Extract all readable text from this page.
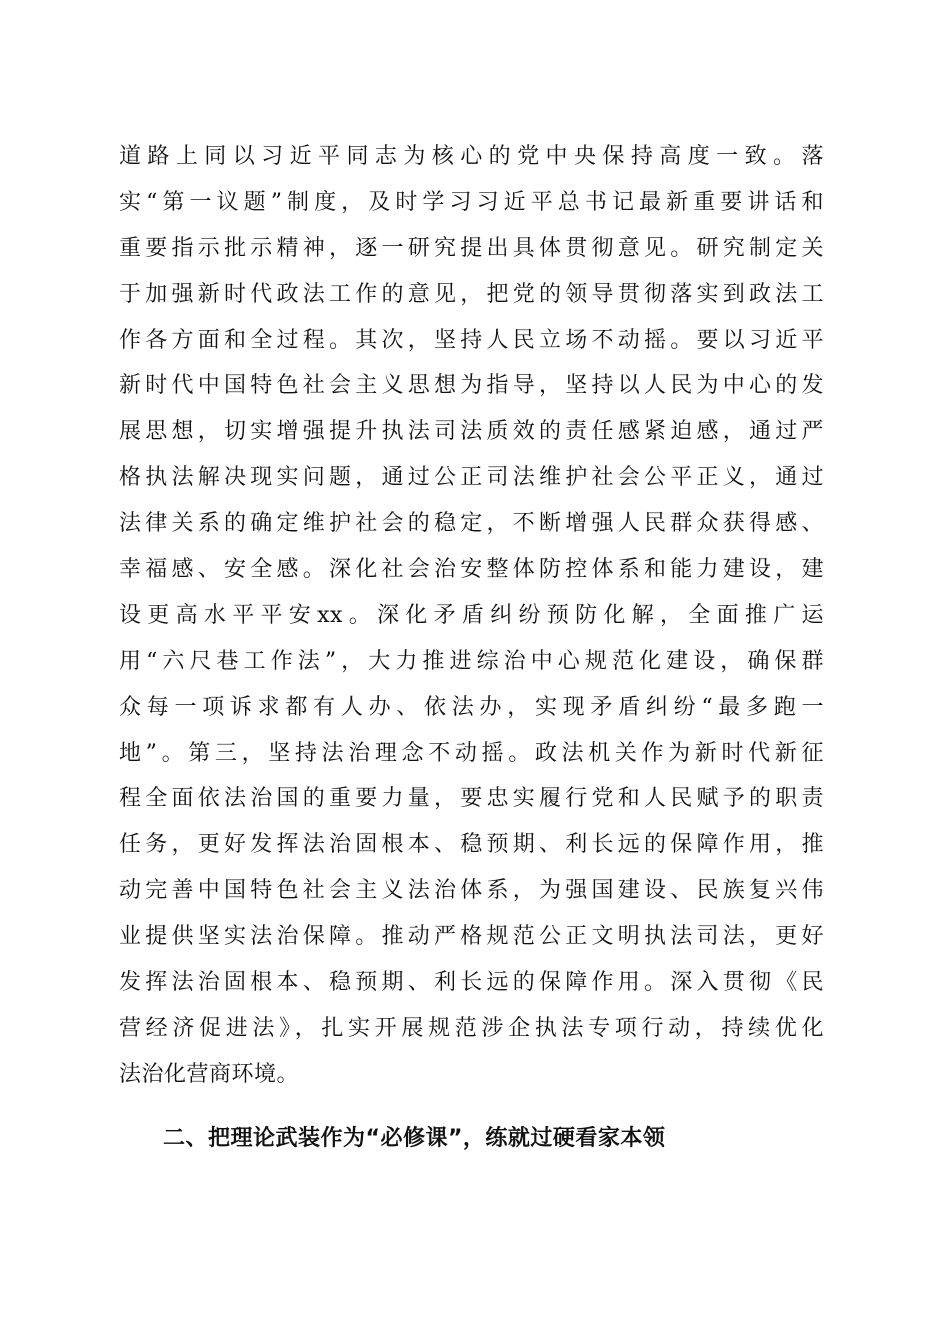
道路上同以习近平同志为核心的党中央保持高度一致。落
实“第一议题”制度，及时学习习近平总书记最新重要讲话和
重要指示批示精神，逐一研究提出具体贯彻意见。研究制定关
于加强新时代政法工作的意见，把党的领导贯彻落实到政法工
作各方面和全过程。其次，坚持人民立场不动摇。要以习近平
新时代中国特色社会主义思想为指导，坚持以人民为中心的发
展思想，切实增强提升执法司法质效的责任感紧迫感，通过严
格执法解决现实问题，通过公正司法维护社会公平正义，通过
法律关系的确定维护社会的稳定，不断增强人民群众获得感、
幸福感、安全感。深化社会治安整体防控体系和能力建设，建
设更高水平平安xx。深化矛盾纠纷预防化解，全面推广运
用“六尺巷工作法”，大力推进综治中心规范化建设，确保群
众每一项诉求都有人办、依法办，实现矛盾纠纷“最多跑一
地”。第三，坚持法治理念不动摇。政法机关作为新时代新征
程全面依法治国的重要力量，要忠实履行党和人民赋予的职责
任务，更好发挥法治固根本、稳预期、利长远的保障作用，推
动完善中国特色社会主义法治体系，为强国建设、民族复兴伟
业提供坚实法治保障。推动严格规范公正文明执法司法，更好
发挥法治固根本、稳预期、利长远的保障作用。深入贯彻《民
营经济促进法》，扎实开展规范涉企执法专项行动，持续优化
法治化营商环境。
二、把理论武装作为“必修课”，练就过硬看家本领
